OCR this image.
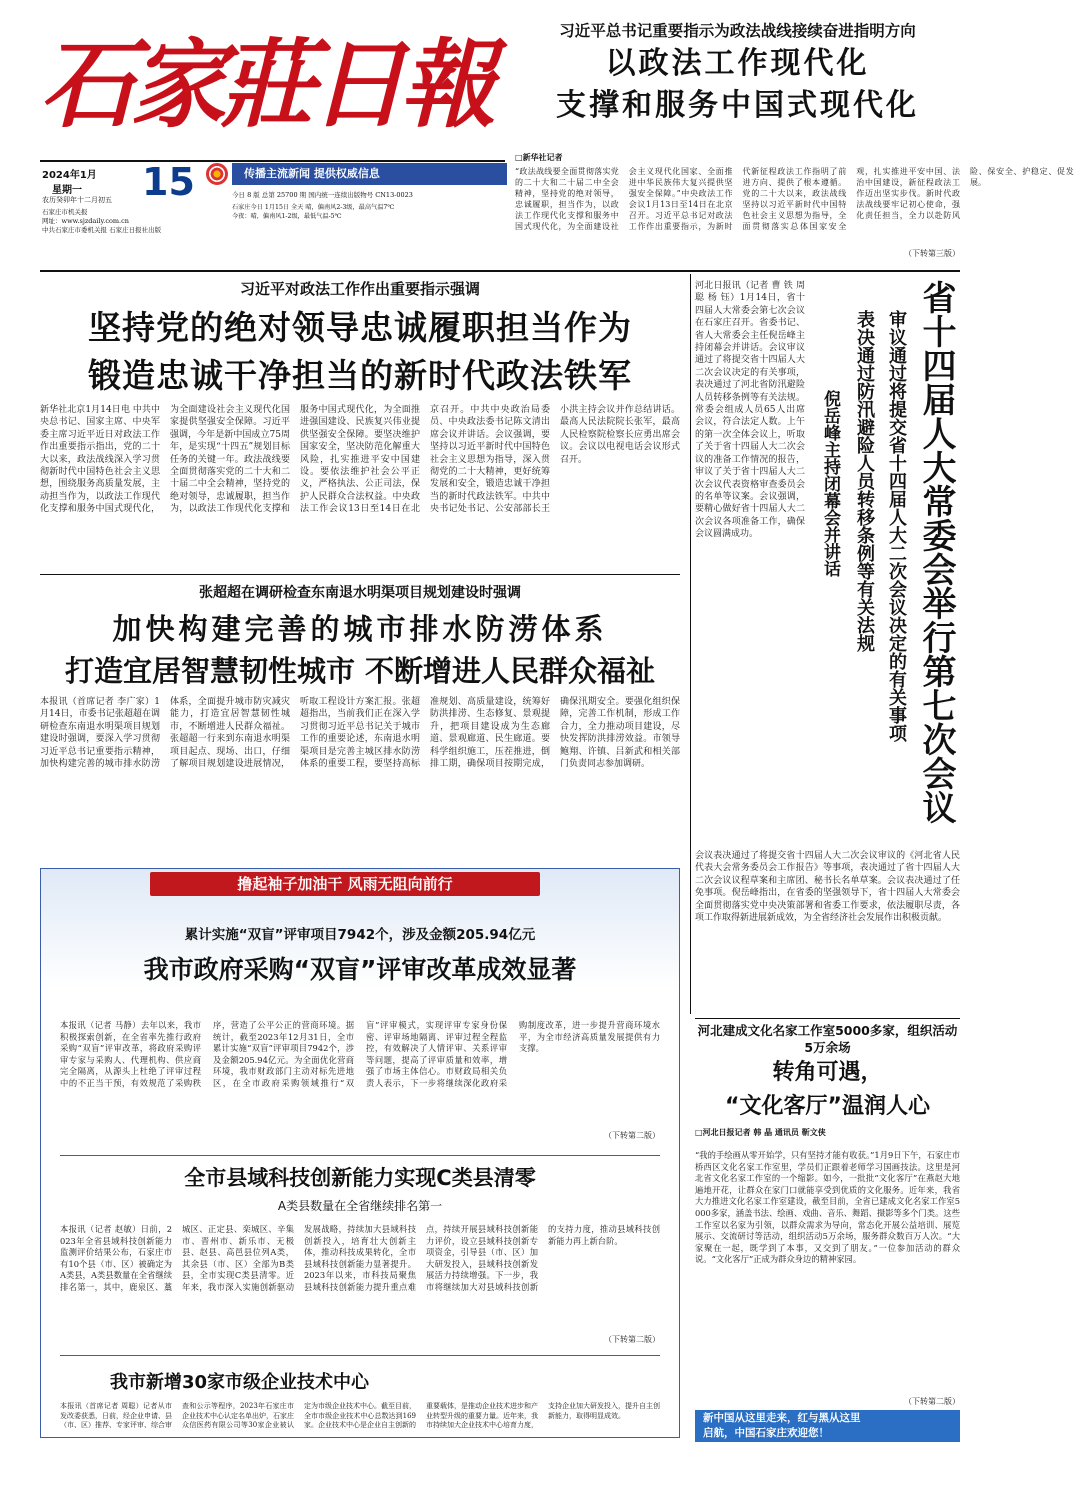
石家莊日報
2024年1月
星期一
农历癸卯年十二月初五 15
石家庄市机关报
网址：www.sjzdaily.com.cn
中共石家庄市委机关报 石家庄日报社出版
传播主流新闻 提供权威信息
今日 8 版 总第 25700 期 国内统一连续出版物号 CN13-0023
石家庄今日 1月15日 全天 晴，偏南风2-3级，最高气温7℃
今夜：晴，偏南风1-2级，最低气温-5℃
习近平总书记重要指示为政法战线接续奋进指明方向
以政法工作现代化
支撑和服务中国式现代化
□新华社记者
“政法战线要全面贯彻落实党的二十大和二十届二中全会精神，坚持党的绝对领导，忠诚履职，担当作为，以政法工作现代化支撑和服务中国式现代化，为全面建设社会主义现代化国家、全面推进中华民族伟大复兴提供坚强安全保障。”中央政法工作会议1月13日至14日在北京召开。习近平总书记对政法工作作出重要指示，为新时代新征程政法工作指明了前进方向、提供了根本遵循。党的二十大以来，政法战线坚持以习近平新时代中国特色社会主义思想为指导，全面贯彻落实总体国家安全观，扎实推进平安中国、法治中国建设，新征程政法工作迈出坚实步伐。新时代政法战线要牢记初心使命，强化责任担当，全力以赴防风险、保安全、护稳定、促发展。
（下转第三版）
习近平对政法工作作出重要指示强调
坚持党的绝对领导忠诚履职担当作为
锻造忠诚干净担当的新时代政法铁军
新华社北京1月14日电 中共中央总书记、国家主席、中央军委主席习近平近日对政法工作作出重要指示指出，党的二十大以来，政法战线深入学习贯彻新时代中国特色社会主义思想，围绕服务高质量发展，主动担当作为，以政法工作现代化支撑和服务中国式现代化，为全面建设社会主义现代化国家提供坚强安全保障。习近平强调，今年是新中国成立75周年，是实现“十四五”规划目标任务的关键一年。政法战线要全面贯彻落实党的二十大和二十届二中全会精神，坚持党的绝对领导，忠诚履职，担当作为，以政法工作现代化支撑和服务中国式现代化，为全面推进强国建设、民族复兴伟业提供坚强安全保障。要坚决维护国家安全，坚决防范化解重大风险，扎实推进平安中国建设。要依法维护社会公平正义，严格执法、公正司法，保护人民群众合法权益。中央政法工作会议13日至14日在北京召开。中共中央政治局委员、中央政法委书记陈文清出席会议并讲话。会议强调，要坚持以习近平新时代中国特色社会主义思想为指导，深入贯彻党的二十大精神，更好统筹发展和安全，锻造忠诚干净担当的新时代政法铁军。中共中央书记处书记、公安部部长王小洪主持会议并作总结讲话。最高人民法院院长张军，最高人民检察院检察长应勇出席会议。会议以电视电话会议形式召开。
张超超在调研检查东南退水明渠项目规划建设时强调
加快构建完善的城市排水防涝体系
打造宜居智慧韧性城市 不断增进人民群众福祉
本报讯（首席记者 李广家）1月14日，市委书记张超超在调研检查东南退水明渠项目规划建设时强调，要深入学习贯彻习近平总书记重要指示精神，加快构建完善的城市排水防涝体系，全面提升城市防灾减灾能力，打造宜居智慧韧性城市，不断增进人民群众福祉。张超超一行来到东南退水明渠项目起点、现场、出口，仔细了解项目规划建设进展情况，听取工程设计方案汇报。张超超指出，当前我们正在深入学习贯彻习近平总书记关于城市工作的重要论述，东南退水明渠项目是完善主城区排水防涝体系的重要工程，要坚持高标准规划、高质量建设，统筹好防洪排涝、生态修复、景观提升，把项目建设成为生态廊道、景观廊道、民生廊道。要科学组织施工，压茬推进，倒排工期，确保项目按期完成，确保汛期安全。要强化组织保障，完善工作机制，形成工作合力，全力推动项目建设，尽快发挥防洪排涝效益。市领导鲍翔、许镇、吕新武和相关部门负责同志参加调研。
撸起袖子加油干 风雨无阻向前行
累计实施“双盲”评审项目7942个，涉及金额205.94亿元
我市政府采购“双盲”评审改革成效显著
本报讯（记者 马静）去年以来，我市积极探索创新，在全省率先推行政府采购“双盲”评审改革，将政府采购评审专家与采购人、代理机构、供应商完全隔离，从源头上杜绝了评审过程中的不正当干预，有效规范了采购秩序，营造了公平公正的营商环境。据统计，截至2023年12月31日，全市累计实施“双盲”评审项目7942个，涉及金额205.94亿元。为全面优化营商环境，我市财政部门主动对标先进地区，在全市政府采购领域推行“双盲”评审模式，实现评审专家身份保密、评审场地隔离、评审过程全程监控，有效解决了人情评审、关系评审等问题，提高了评审质量和效率，增强了市场主体信心。市财政局相关负责人表示，下一步将继续深化政府采购制度改革，进一步提升营商环境水平，为全市经济高质量发展提供有力支撑。
（下转第二版）
全市县域科技创新能力实现C类县清零
A类县数量在全省继续排名第一
本报讯（记者 赵敏）日前，2023年全省县域科技创新能力监测评价结果公布，石家庄市有10个县（市、区）被确定为A类县，A类县数量在全省继续排名第一，其中，鹿泉区、藁城区、正定县、栾城区、辛集市、晋州市、新乐市、无极县、赵县、高邑县位列A类，其余县（市、区）全部为B类县，全市实现C类县清零。近年来，我市深入实施创新驱动发展战略，持续加大县域科技创新投入，培育壮大创新主体，推动科技成果转化，全市县域科技创新能力显著提升。2023年以来，市科技局聚焦县域科技创新能力提升重点难点，持续开展县域科技创新能力评价，设立县域科技创新专项资金，引导县（市、区）加大研发投入，县域科技创新发展活力持续增强。下一步，我市将继续加大对县域科技创新的支持力度，推动县域科技创新能力再上新台阶。
（下转第二版）
我市新增30家市级企业技术中心
本报讯（首席记者 周聪）记者从市发改委获悉，日前，经企业申请、县（市、区）推荐、专家评审、综合审查和公示等程序，2023年石家庄市企业技术中心认定名单出炉，石家庄众信医药有限公司等30家企业被认定为市级企业技术中心。截至目前，全市市级企业技术中心总数达到169家。企业技术中心是企业自主创新的重要载体，是推动企业技术进步和产业转型升级的重要力量。近年来，我市持续加大企业技术中心培育力度，支持企业加大研发投入，提升自主创新能力，取得明显成效。
河北日报讯（记者 曹 铁 周 聪 杨 钰）1月14日，省十四届人大常委会第七次会议在石家庄召开。省委书记、省人大常委会主任倪岳峰主持闭幕会并讲话。会议审议通过了将提交省十四届人大二次会议决定的有关事项，表决通过了河北省防汛避险人员转移条例等有关法规。常委会组成人员65人出席会议，符合法定人数。上午的第一次全体会议上，听取了关于省十四届人大二次会议的准备工作情况的报告，审议了关于省十四届人大二次会议代表资格审查委员会的名单等议案。会议强调，要精心做好省十四届人大二次会议各项准备工作，确保会议圆满成功。	省十四届人大常委会举行第七次会议
审议通过将提交省十四届人大二次会议决定的有关事项
表决通过防汛避险人员转移条例等有关法规
倪岳峰主持闭幕会并讲话
会议表决通过了将提交省十四届人大二次会议审议的《河北省人民代表大会常务委员会工作报告》等事项，表决通过了省十四届人大二次会议议程草案和主席团、秘书长名单草案。会议表决通过了任免事项。倪岳峰指出，在省委的坚强领导下，省十四届人大常委会全面贯彻落实党中央决策部署和省委工作要求，依法履职尽责，各项工作取得新进展新成效，为全省经济社会发展作出积极贡献。
河北建成文化名家工作室5000多家，组织活动5万余场
转角可遇，
“文化客厅”温润人心
□河北日报记者 韩 晶 通讯员 靳文侠
“我的手绘画从零开始学，只有坚持才能有收获。”1月9日下午，石家庄市桥西区文化名家工作室里，学员们正跟着老师学习国画技法。这里是河北省文化名家工作室的一个缩影。如今，一批批“文化客厅”在燕赵大地遍地开花，让群众在家门口就能享受到优质的文化服务。近年来，我省大力推进文化名家工作室建设，截至目前，全省已建成文化名家工作室5000多家，涵盖书法、绘画、戏曲、音乐、舞蹈、摄影等多个门类。这些工作室以名家为引领，以群众需求为导向，常态化开展公益培训、展览展示、交流研讨等活动，组织活动5万余场，服务群众数百万人次。“大家聚在一起，既学到了本事，又交到了朋友。”一位参加活动的群众说。“文化客厅”正成为群众身边的精神家园。
（下转第二版）
新中国从这里走来，红与黑从这里
启航，中国石家庄欢迎您！
